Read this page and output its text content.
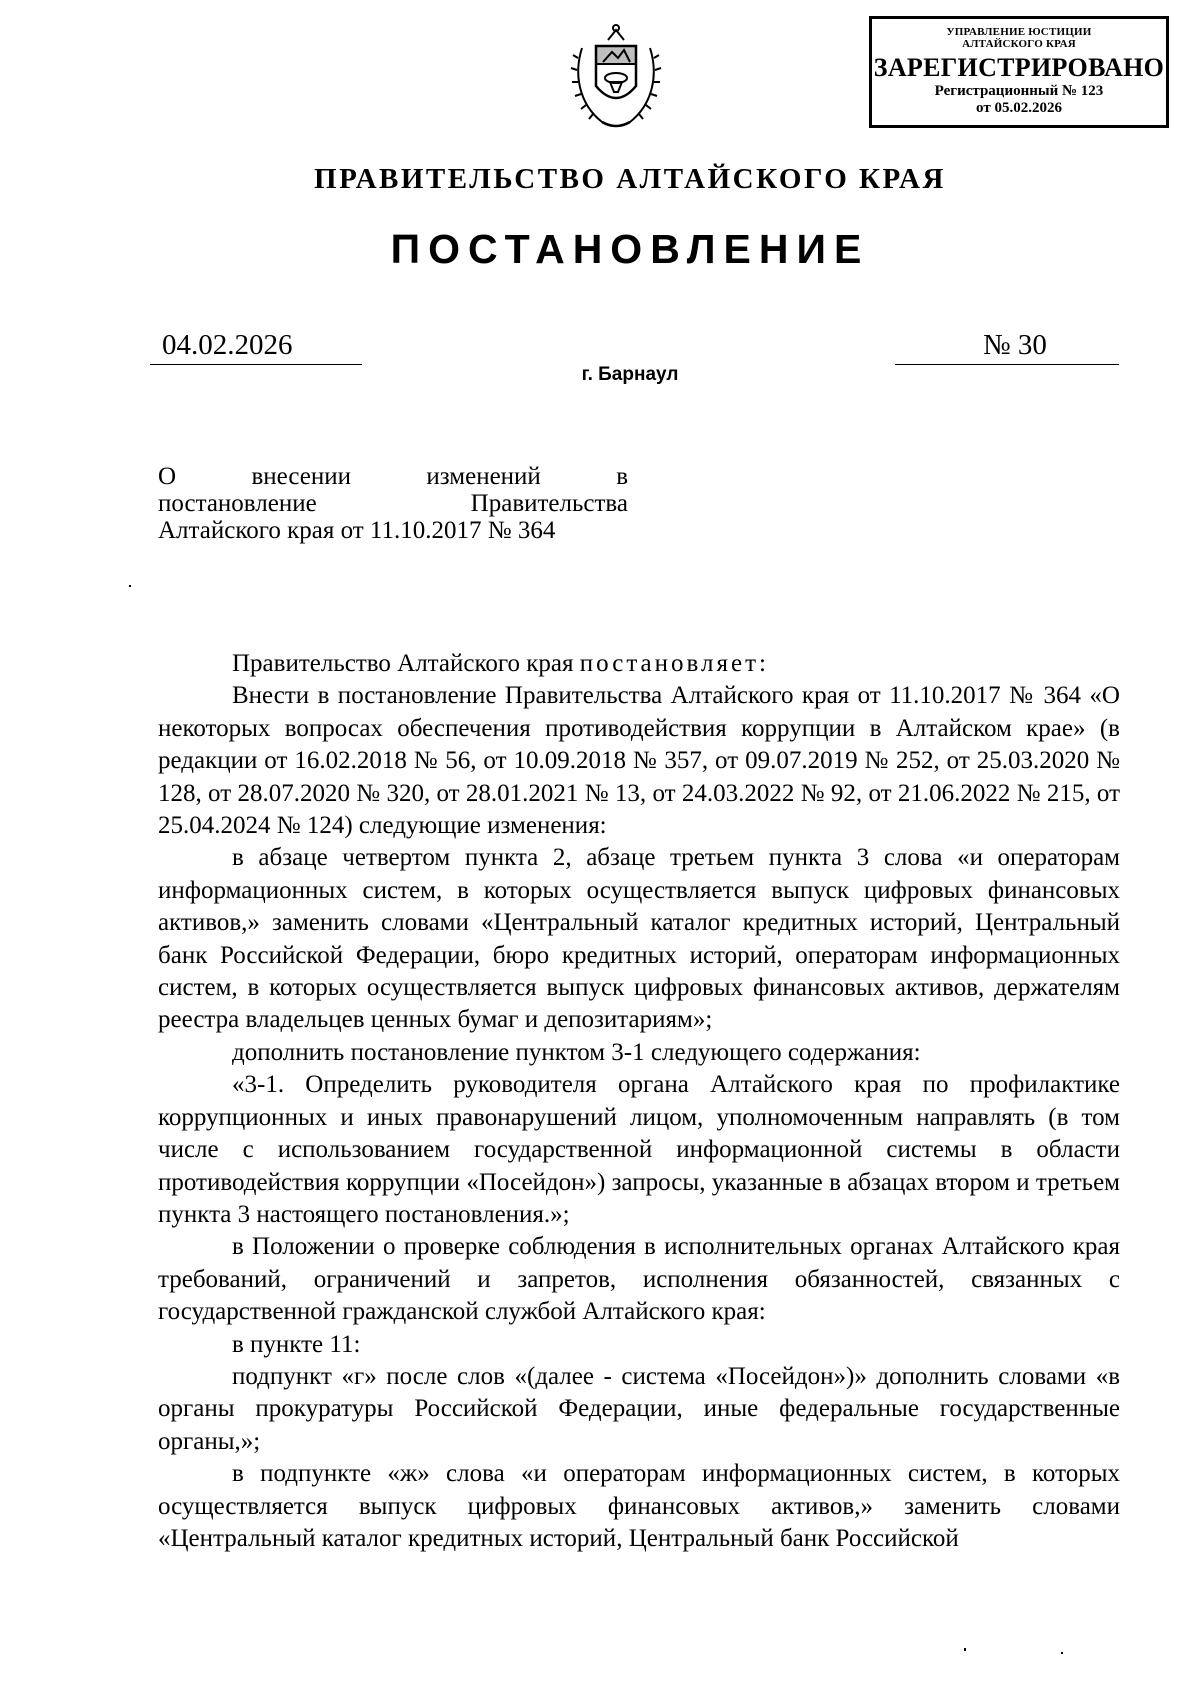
УПРАВЛЕНИЕ ЮСТИЦИИ
АЛТАЙСКОГО КРАЯ
ЗАРЕГИСТРИРОВАНО
Регистрационный № 123
от 05.02.2026
ПРАВИТЕЛЬСТВО АЛТАЙСКОГО КРАЯ
ПОСТАНОВЛЕНИЕ
04.02.2026	№ 30
г. Барнаул
О внесении изменений в
постановление Правительства
Алтайского края от 11.10.2017 № 364

Правительство Алтайского края постановляет:

Внести в постановление Правительства Алтайского края от 11.10.2017 № 364 «О некоторых вопросах обеспечения противодействия коррупции в Алтайском крае» (в редакции от 16.02.2018 № 56, от 10.09.2018 № 357, от 09.07.2019 № 252, от 25.03.2020 № 128, от 28.07.2020 № 320, от 28.01.2021 № 13, от 24.03.2022 № 92, от 21.06.2022 № 215, от 25.04.2024 № 124) следующие изменения:

в абзаце четвертом пункта 2, абзаце третьем пункта 3 слова «и операторам информационных систем, в которых осуществляется выпуск цифровых финансовых активов,» заменить словами «Центральный каталог кредитных историй, Центральный банк Российской Федерации, бюро кредитных историй, операторам информационных систем, в которых осуществляется выпуск цифровых финансовых активов, держателям реестра владельцев ценных бумаг и депозитариям»;

дополнить постановление пунктом 3-1 следующего содержания:

«3-1. Определить руководителя органа Алтайского края по профилактике коррупционных и иных правонарушений лицом, уполномоченным направлять (в том числе с использованием государственной информационной системы в области противодействия коррупции «Посейдон») запросы, указанные в абзацах втором и третьем пункта 3 настоящего постановления.»;

в Положении о проверке соблюдения в исполнительных органах Алтайского края требований, ограничений и запретов, исполнения обязанностей, связанных с государственной гражданской службой Алтайского края:

в пункте 11:

подпункт «г» после слов «(далее - система «Посейдон»)» дополнить словами «в органы прокуратуры Российской Федерации, иные федеральные государственные органы,»;

в подпункте «ж» слова «и операторам информационных систем, в которых осуществляется выпуск цифровых финансовых активов,» заменить словами «Центральный каталог кредитных историй, Центральный банк Российской
